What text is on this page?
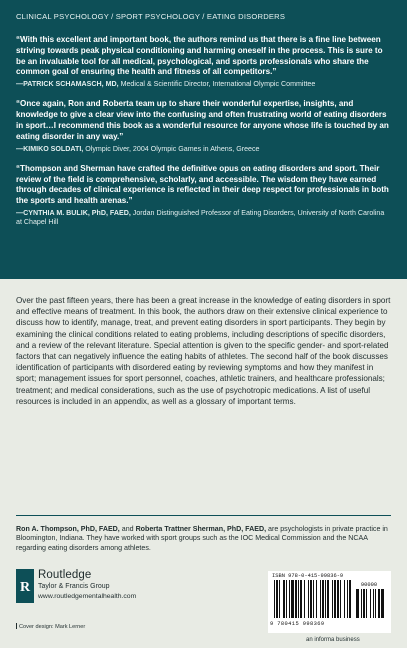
CLINICAL PSYCHOLOGY / SPORT PSYCHOLOGY / EATING DISORDERS
“With this excellent and important book, the authors remind us that there is a fine line between striving towards peak physical conditioning and harming oneself in the process. This is sure to be an invaluable tool for all medical, psychological, and sports professionals who share the common goal of ensuring the health and fitness of all competitors.”
—PATRICK SCHAMASCH, MD, Medical & Scientific Director, International Olympic Committee
“Once again, Ron and Roberta team up to share their wonderful expertise, insights, and knowledge to give a clear view into the confusing and often frustrating world of eating disorders in sport…I recommend this book as a wonderful resource for anyone whose life is touched by an eating disorder in any way.”
—KIMIKO SOLDATI, Olympic Diver, 2004 Olympic Games in Athens, Greece
“Thompson and Sherman have crafted the definitive opus on eating disorders and sport. Their review of the field is comprehensive, scholarly, and accessible. The wisdom they have earned through decades of clinical experience is reflected in their deep respect for professionals in both the sports and health arenas.”
—CYNTHIA M. BULIK, PhD, FAED, Jordan Distinguished Professor of Eating Disorders, University of North Carolina at Chapel Hill
Over the past fifteen years, there has been a great increase in the knowledge of eating disorders in sport and effective means of treatment. In this book, the authors draw on their extensive clinical experience to discuss how to identify, manage, treat, and prevent eating disorders in sport participants. They begin by examining the clinical conditions related to eating problems, including descriptions of specific disorders, and a review of the relevant literature. Special attention is given to the specific gender- and sport-related factors that can negatively influence the eating habits of athletes. The second half of the book discusses identification of participants with disordered eating by reviewing symptoms and how they manifest in sport; management issues for sport personnel, coaches, athletic trainers, and healthcare professionals; treatment; and medical considerations, such as the use of psychotropic medications. A list of useful resources is included in an appendix, as well as a glossary of important terms.
Ron A. Thompson, PhD, FAED, and Roberta Trattner Sherman, PhD, FAED, are psychologists in private practice in Bloomington, Indiana. They have worked with sport groups such as the IOC Medical Commission and the NCAA regarding eating disorders among athletes.
R
Routledge
Taylor & Francis Group
www.routledgementalhealth.com
Cover design: Mark Lerner
ISBN 978-0-415-99836-9
90000
9 780415 998369
an informa business
